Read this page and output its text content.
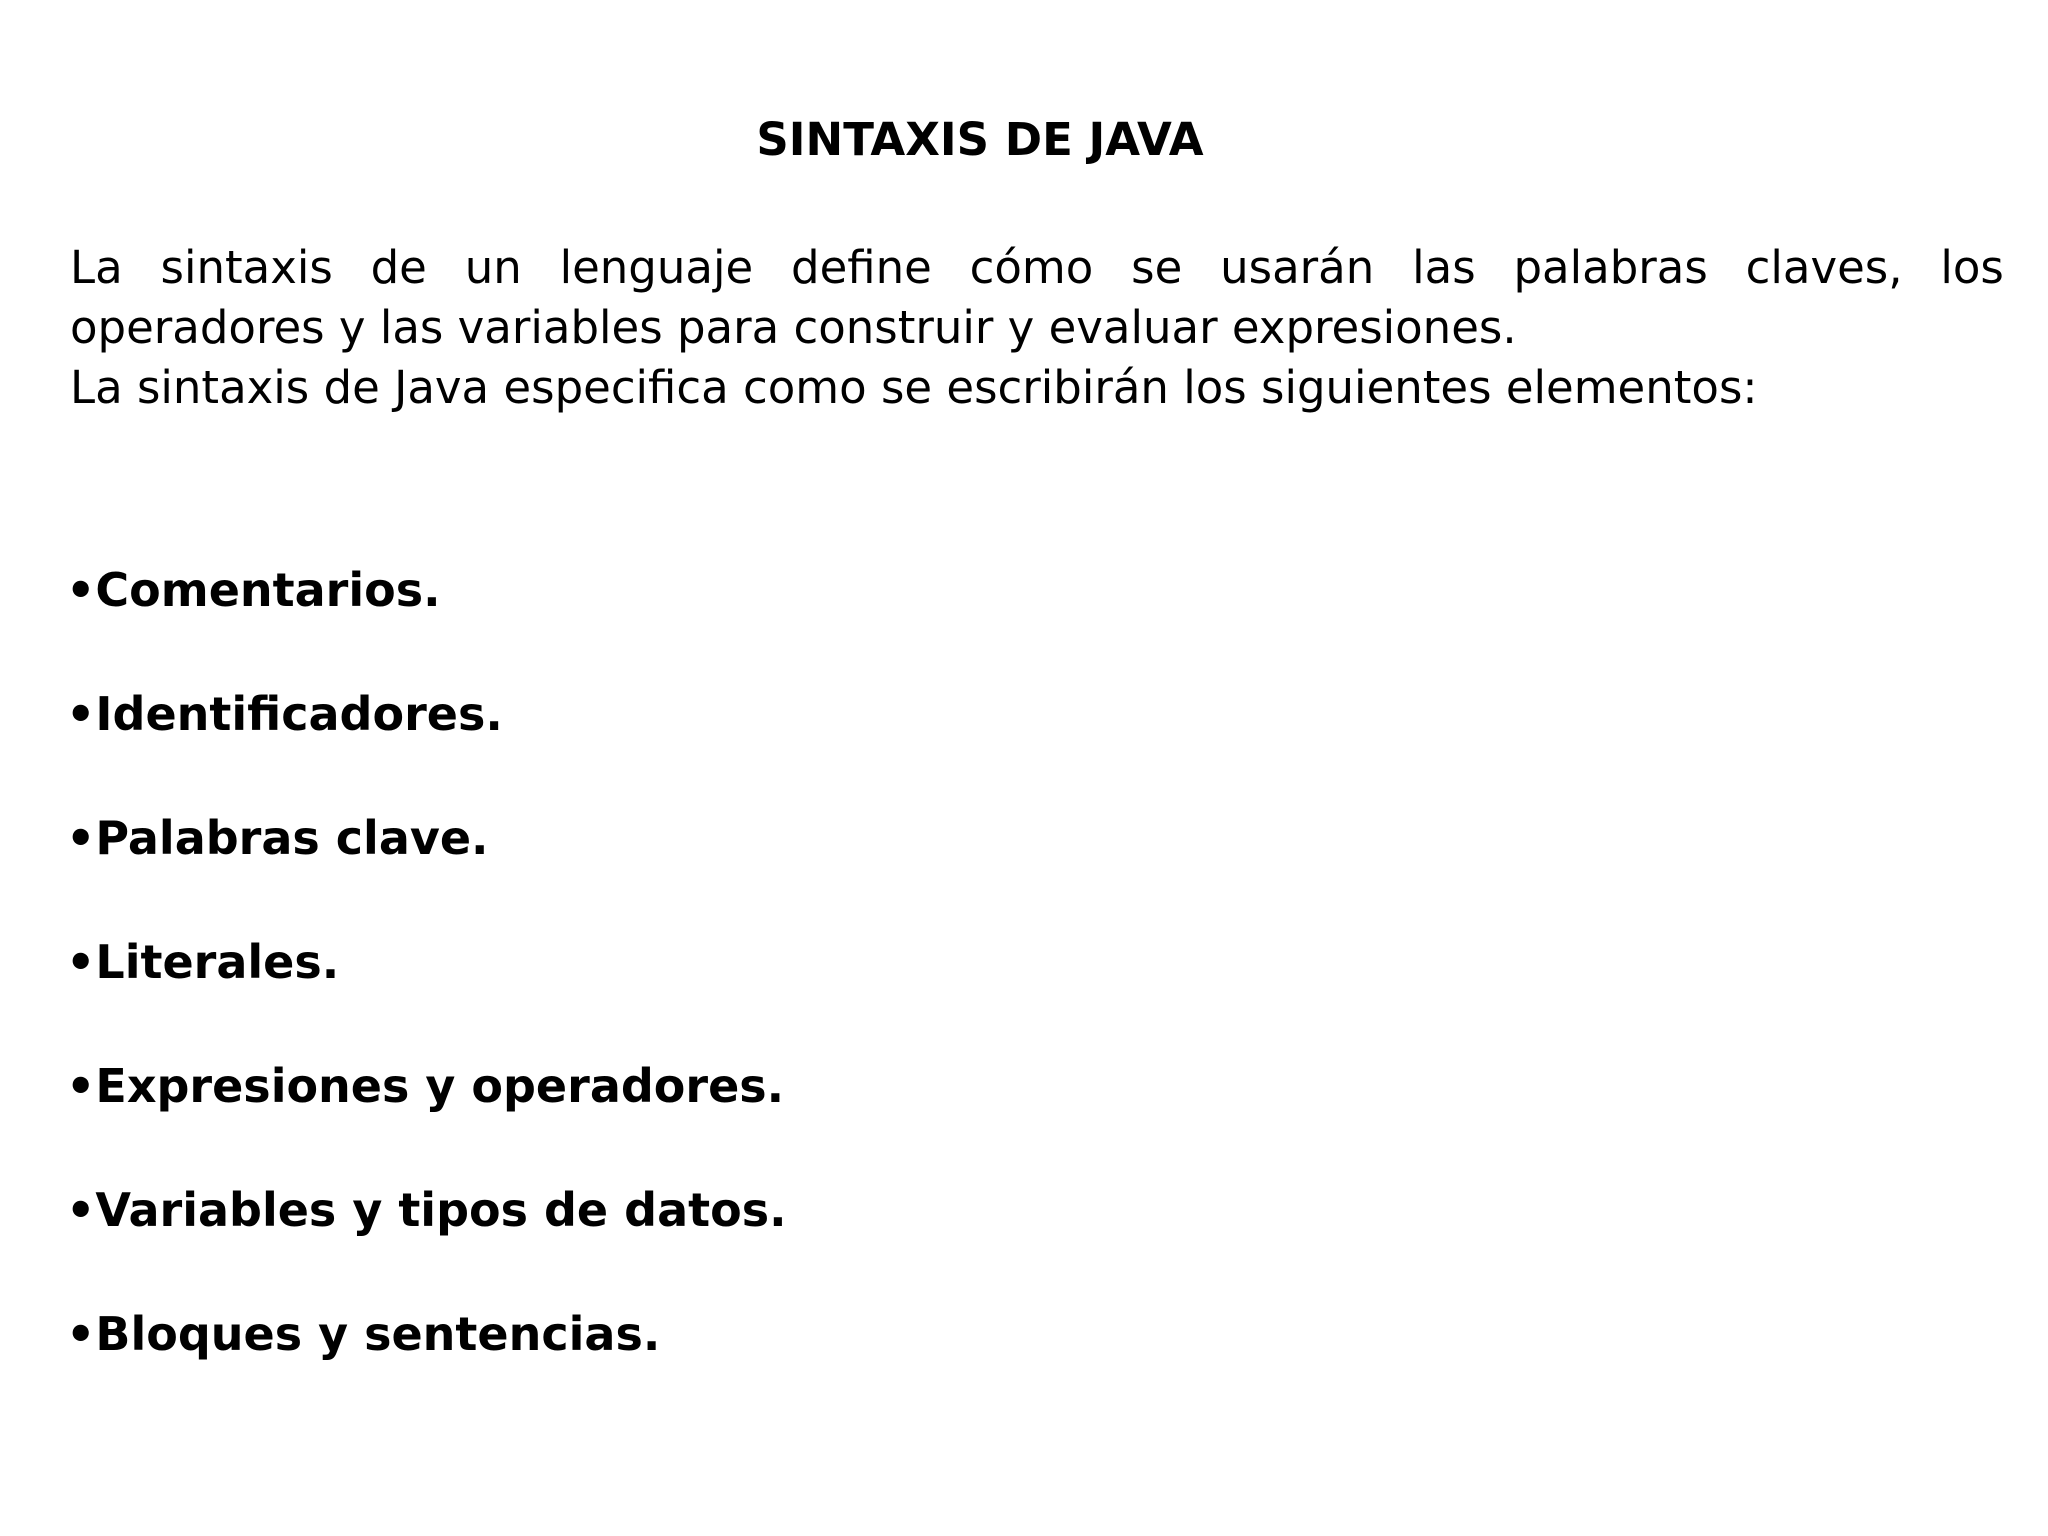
SINTAXIS DE JAVA
La sintaxis de un lenguaje define cómo se usarán las palabras claves, los
operadores y las variables para construir y evaluar expresiones.
La sintaxis de Java especifica como se escribirán los siguientes elementos:
•Comentarios.
•Identificadores.
•Palabras clave.
•Literales.
•Expresiones y operadores.
•Variables y tipos de datos.
•Bloques y sentencias.
